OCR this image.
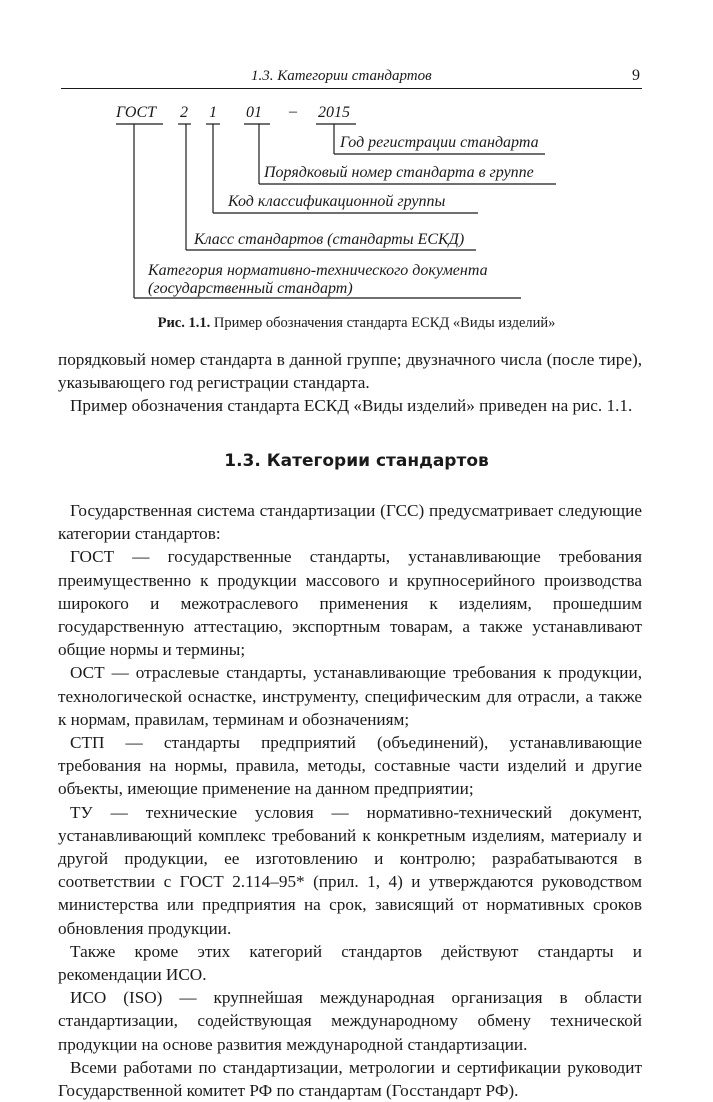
1.3. Категории стандартов	9
ГОСТ 2 1 01 – 2015
Год регистрации стандарта
Порядковый номер стандарта в группе
Код классификационной группы
Класс стандартов (стандарты ЕСКД)
Категория нормативно-технического документа
(государственный стандарт)
Рис. 1.1. Пример обозначения стандарта ЕСКД «Виды изделий»

порядковый номер стандарта в данной группе; двузначного числа (после тире), указывающего год регистрации стандарта.

Пример обозначения стандарта ЕСКД «Виды изделий» приведен на рис. 1.1.

1.3. Категории стандартов

Государственная система стандартизации (ГСС) предусматривает следующие категории стандартов:

ГОСТ — государственные стандарты, устанавливающие требования преимущественно к продукции массового и крупносерийного производства широкого и межотраслевого применения к изделиям, прошедшим государственную аттестацию, экспортным товарам, а также устанавливают общие нормы и термины;

ОСТ — отраслевые стандарты, устанавливающие требования к продукции, технологической оснастке, инструменту, специфическим для отрасли, а также к нормам, правилам, терминам и обозначениям;

СТП — стандарты предприятий (объединений), устанавливающие требования на нормы, правила, методы, составные части изделий и другие объекты, имеющие применение на данном предприятии;

ТУ — технические условия — нормативно-технический документ, устанавливающий комплекс требований к конкретным изделиям, материалу и другой продукции, ее изготовлению и контролю; разрабатываются в соответствии с ГОСТ 2.114–95* (прил. 1, 4) и утверждаются руководством министерства или предприятия на срок, зависящий от нормативных сроков обновления продукции.

Также кроме этих категорий стандартов действуют стандарты и рекомендации ИСО.

ИСО (ISO) — крупнейшая международная организация в области стандартизации, содействующая международному обмену технической продукции на основе развития международной стандартизации.

Всеми работами по стандартизации, метрологии и сертификации руководит Государственной комитет РФ по стандартам (Госстандарт РФ).
